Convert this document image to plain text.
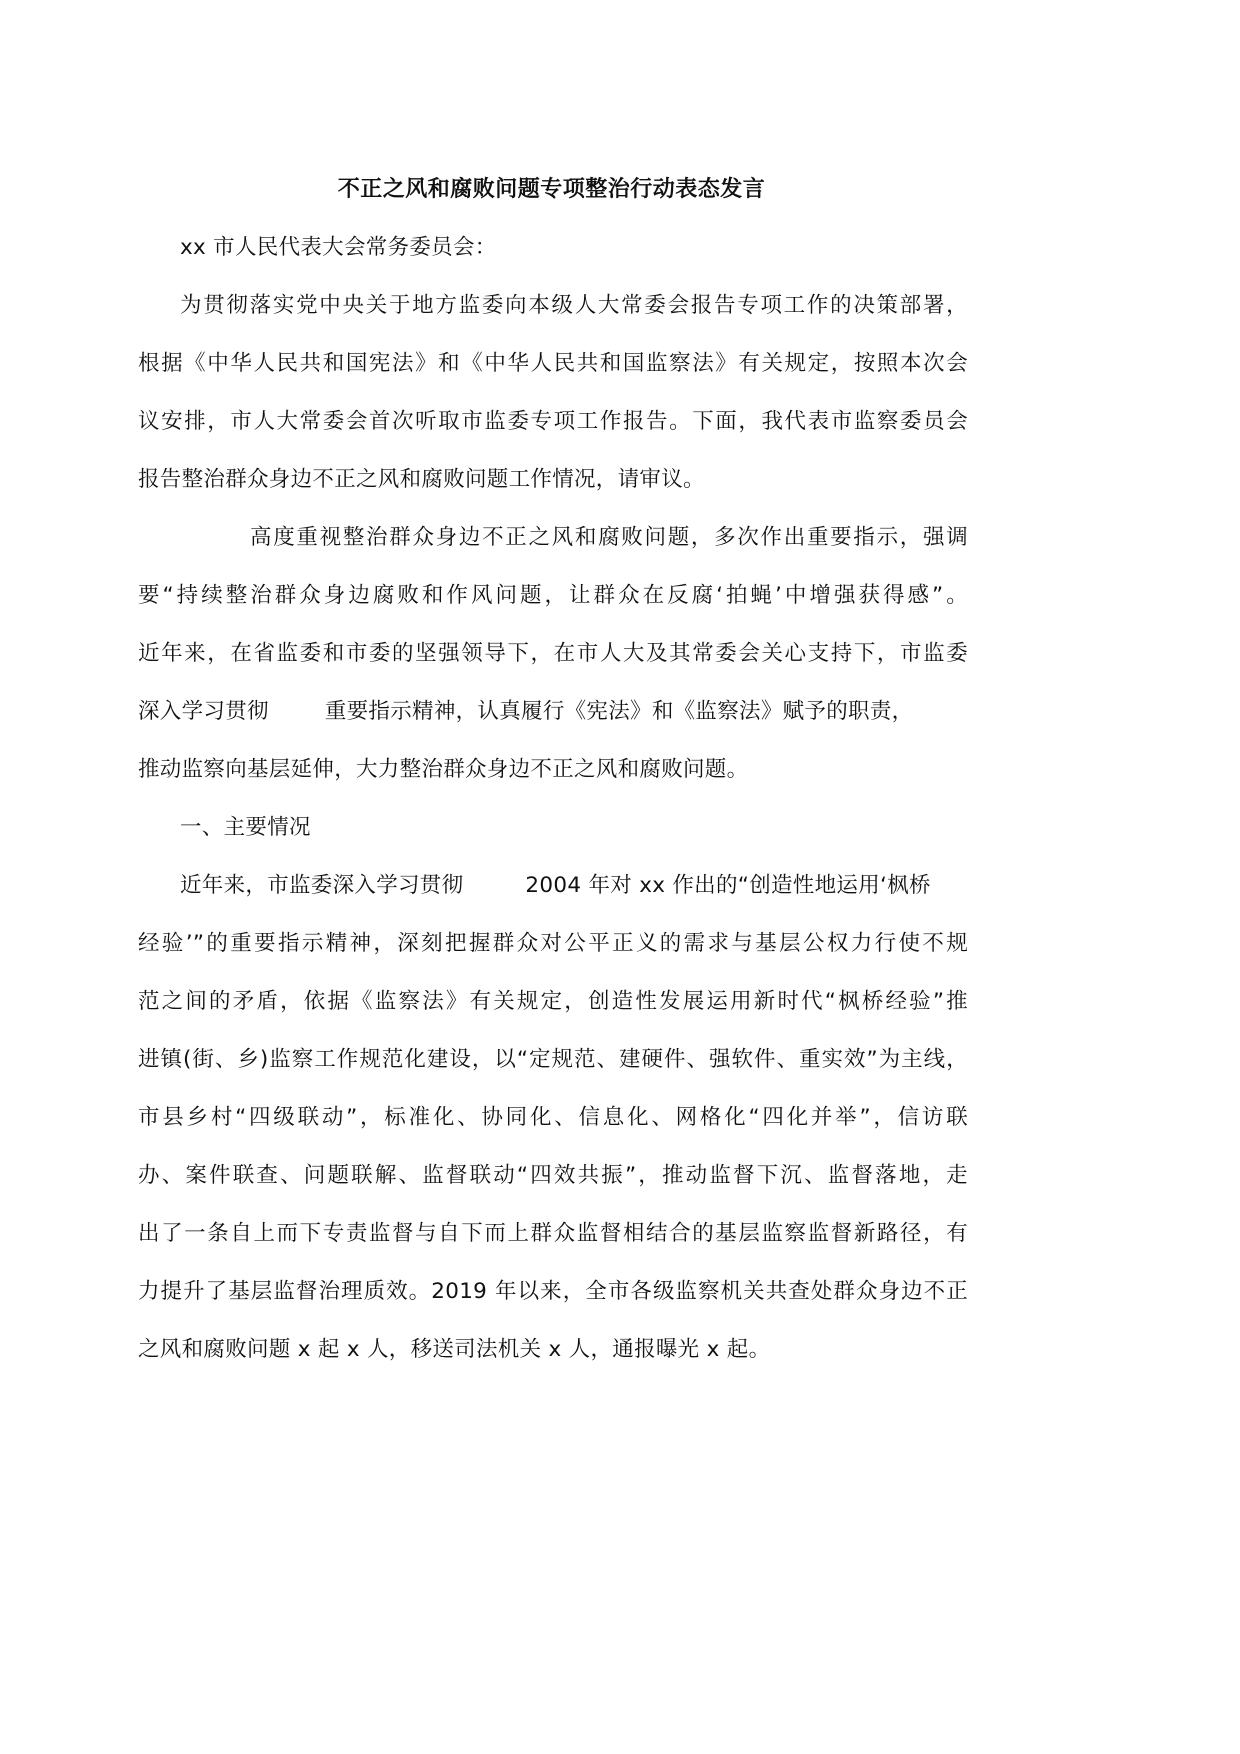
不正之风和腐败问题专项整治行动表态发言
xx 市人民代表大会常务委员会：
为贯彻落实党中央关于地方监委向本级人大常委会报告专项工作的决策部署，
根据《中华人民共和国宪法》和《中华人民共和国监察法》有关规定，按照本次会
议安排，市人大常委会首次听取市监委专项工作报告。下面，我代表市监察委员会
报告整治群众身边不正之风和腐败问题工作情况，请审议。
高度重视整治群众身边不正之风和腐败问题，多次作出重要指示，强调
要“持续整治群众身边腐败和作风问题，让群众在反腐‘拍蝇’中增强获得感”。
近年来，在省监委和市委的坚强领导下，在市人大及其常委会关心支持下，市监委
深入学习贯彻	重要指示精神，认真履行《宪法》和《监察法》赋予的职责，
推动监察向基层延伸，大力整治群众身边不正之风和腐败问题。
一、主要情况
近年来，市监委深入学习贯彻	2004 年对 xx 作出的“创造性地运用‘枫桥
经验’”的重要指示精神，深刻把握群众对公平正义的需求与基层公权力行使不规
范之间的矛盾，依据《监察法》有关规定，创造性发展运用新时代“枫桥经验”推
进镇(街、乡)监察工作规范化建设，以“定规范、建硬件、强软件、重实效”为主线，
市县乡村“四级联动”，标准化、协同化、信息化、网格化“四化并举”，信访联
办、案件联查、问题联解、监督联动“四效共振”，推动监督下沉、监督落地，走
出了一条自上而下专责监督与自下而上群众监督相结合的基层监察监督新路径，有
力提升了基层监督治理质效。2019 年以来，全市各级监察机关共查处群众身边不正
之风和腐败问题 x 起 x 人，移送司法机关 x 人，通报曝光 x 起。
